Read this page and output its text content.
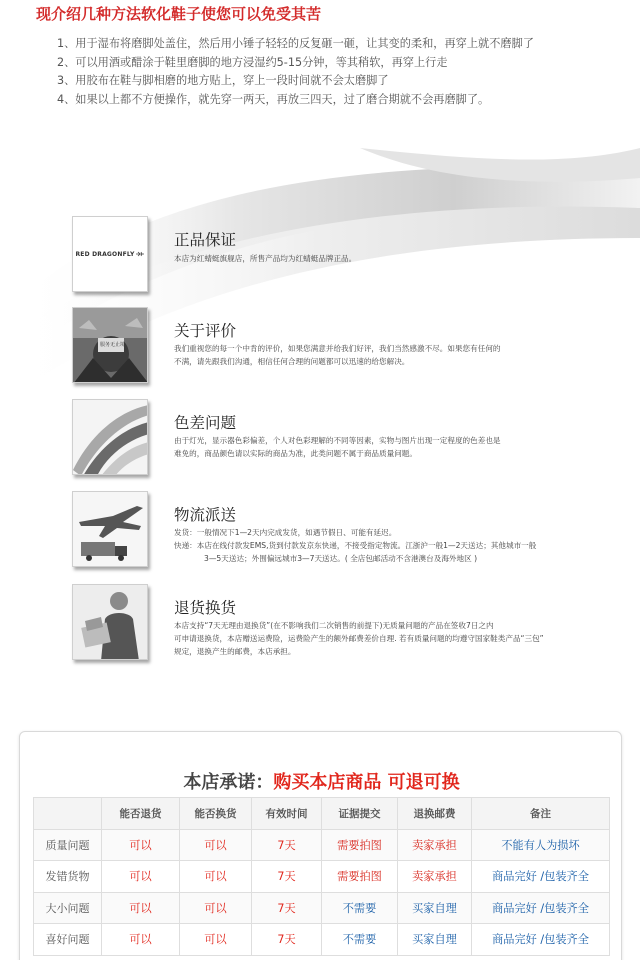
现介绍几种方法软化鞋子使您可以免受其苦
1、用于湿布将磨脚处盖住，然后用小锤子轻轻的反复砸一砸，让其变的柔和，再穿上就不磨脚了
2、可以用酒或醋涂于鞋里磨脚的地方浸湿约5-15分钟，等其稍软，再穿上行走
3、用胶布在鞋与脚相磨的地方贴上，穿上一段时间就不会太磨脚了
4、如果以上都不方便操作，就先穿一两天，再放三四天，过了磨合期就不会再磨脚了。
RED DRAGONFLY
正品保证
本店为红蜻蜓旗舰店，所售产品均为红蜻蜓品牌正品。
服务无止境
关于评价
我们重视您的每一个中肯的评价，如果您满意并给我们好评，我们当然感激不尽。如果您有任何的
不满，请先跟我们沟通，相信任何合理的问题都可以迅速的给您解决。
色差问题
由于灯光，显示器色彩偏差，个人对色彩理解的不同等因素，实物与图片出现一定程度的色差也是
难免的，商品颜色请以实际的商品为准，此类问题不属于商品质量问题。
物流派送
发货：一般情况下1—2天内完成发货，如遇节假日、可能有延迟。
快递：本店在线付款发EMS,货到付款发京东快递，不接受指定物流。江浙沪一般1—2天送达；其他城市一般
3—5天送达；外围偏远城市3—7天送达。( 全店包邮活动不含港澳台及海外地区 )
退货换货
本店支持“7天无理由退换货”(在不影响我们二次销售的前提下)无质量问题的产品在签收7日之内
可申请退换货，本店赠送运费险，运费险产生的额外邮费差价自理. 若有质量问题的均遵守国家鞋类产品“三包”
规定，退换产生的邮费，本店承担。
本店承诺：购买本店商品 可退可换
	能否退货	能否换货	有效时间	证据提交	退换邮费	备注
质量问题	可以	可以	7天	需要拍图	卖家承担	不能有人为损坏
发错货物	可以	可以	7天	需要拍图	卖家承担	商品完好 /包装齐全
大小问题	可以	可以	7天	不需要	买家自理	商品完好 /包装齐全
喜好问题	可以	可以	7天	不需要	买家自理	商品完好 /包装齐全
